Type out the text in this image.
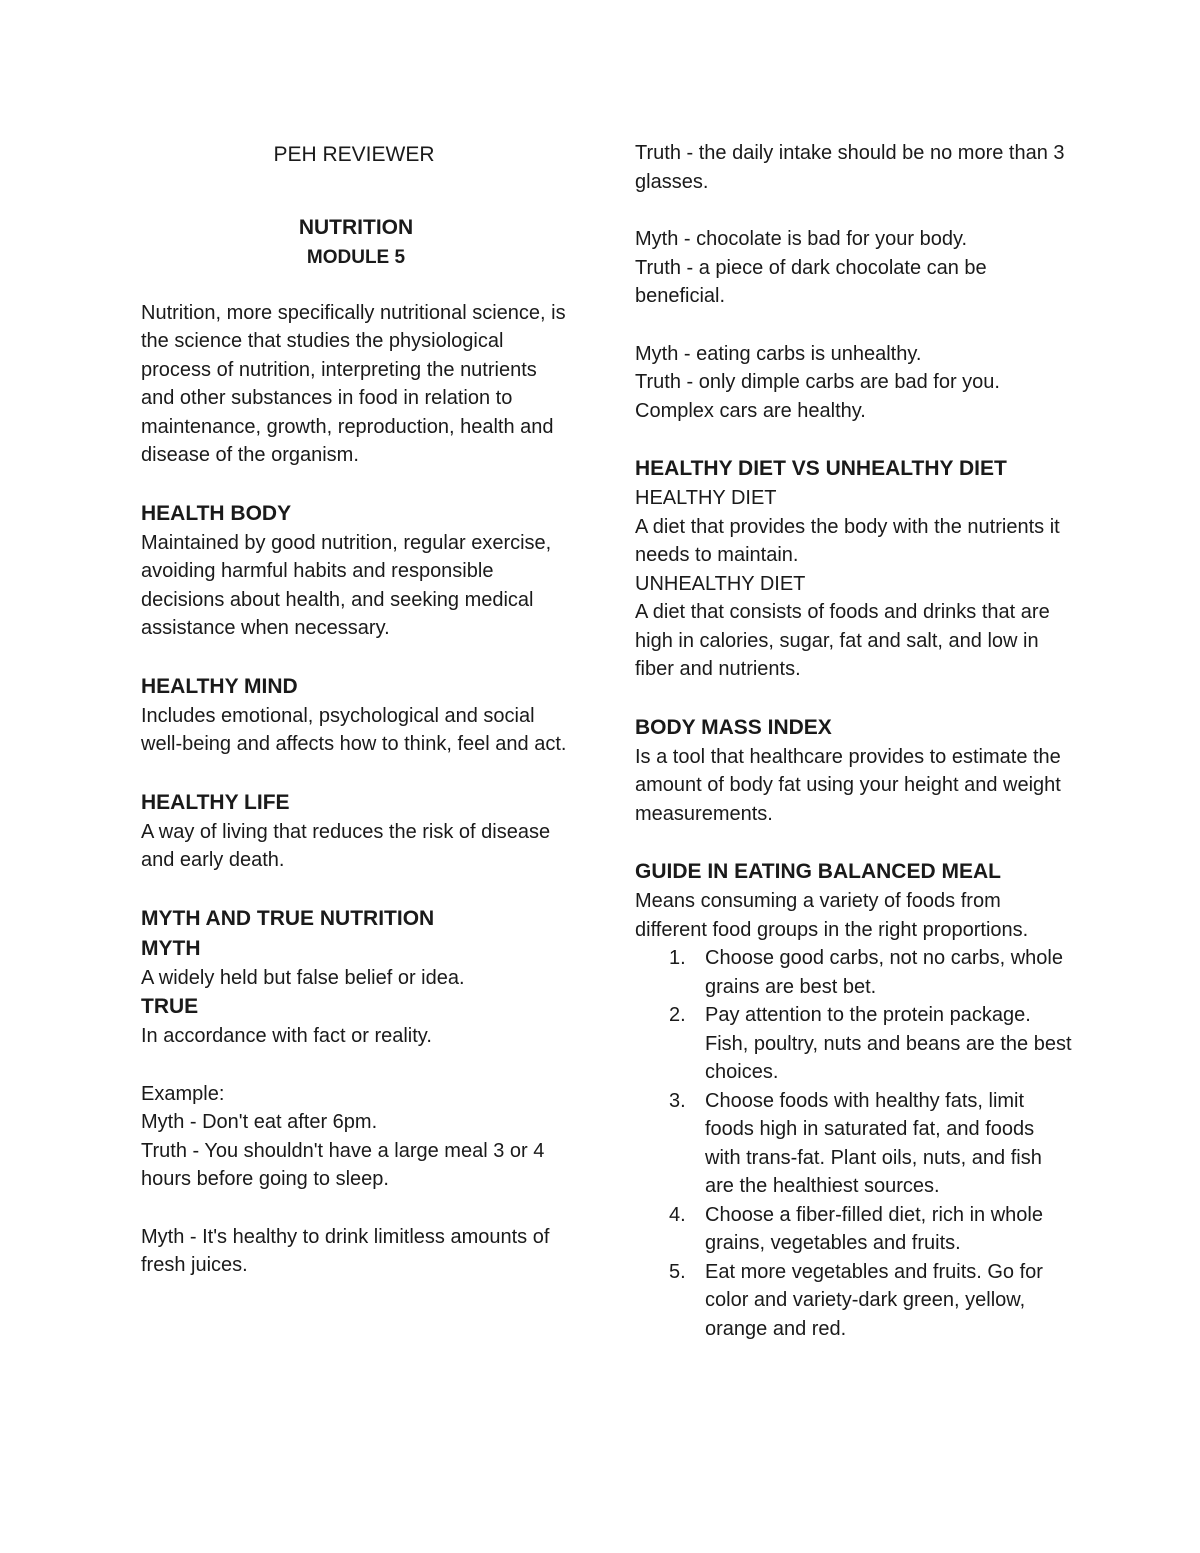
PEH REVIEWER
NUTRITION
MODULE 5

Nutrition, more specifically nutritional science, is the science that studies the physiological process of nutrition, interpreting the nutrients and other substances in food in relation to maintenance, growth, reproduction, health and disease of the organism.

HEALTH BODY

Maintained by good nutrition, regular exercise, avoiding harmful habits and responsible decisions about health, and seeking medical assistance when necessary.

HEALTHY MIND

Includes emotional, psychological and social well-being and affects how to think, feel and act.

HEALTHY LIFE

A way of living that reduces the risk of disease and early death.

MYTH AND TRUE NUTRITION
MYTH

A widely held but false belief or idea.

TRUE

In accordance with fact or reality.

Example:

Myth - Don't eat after 6pm.

Truth - You shouldn't have a large meal 3 or 4 hours before going to sleep.

Myth - It's healthy to drink limitless amounts of fresh juices.

Truth - the daily intake should be no more than 3 glasses.

Myth - chocolate is bad for your body.

Truth - a piece of dark chocolate can be beneficial.

Myth - eating carbs is unhealthy.

Truth - only dimple carbs are bad for you. Complex cars are healthy.

HEALTHY DIET VS UNHEALTHY DIET

HEALTHY DIET

A diet that provides the body with the nutrients it needs to maintain.

UNHEALTHY DIET

A diet that consists of foods and drinks that are high in calories, sugar, fat and salt, and low in fiber and nutrients.

BODY MASS INDEX

Is a tool that healthcare provides to estimate the amount of body fat using your height and weight measurements.

GUIDE IN EATING BALANCED MEAL

Means consuming a variety of foods from different food groups in the right proportions.

1. Choose good carbs, not no carbs, whole grains are best bet.
2. Pay attention to the protein package. Fish, poultry, nuts and beans are the best choices.
3. Choose foods with healthy fats, limit foods high in saturated fat, and foods with trans-fat. Plant oils, nuts, and fish are the healthiest sources.
4. Choose a fiber-filled diet, rich in whole grains, vegetables and fruits.
5. Eat more vegetables and fruits. Go for color and variety-dark green, yellow, orange and red.
